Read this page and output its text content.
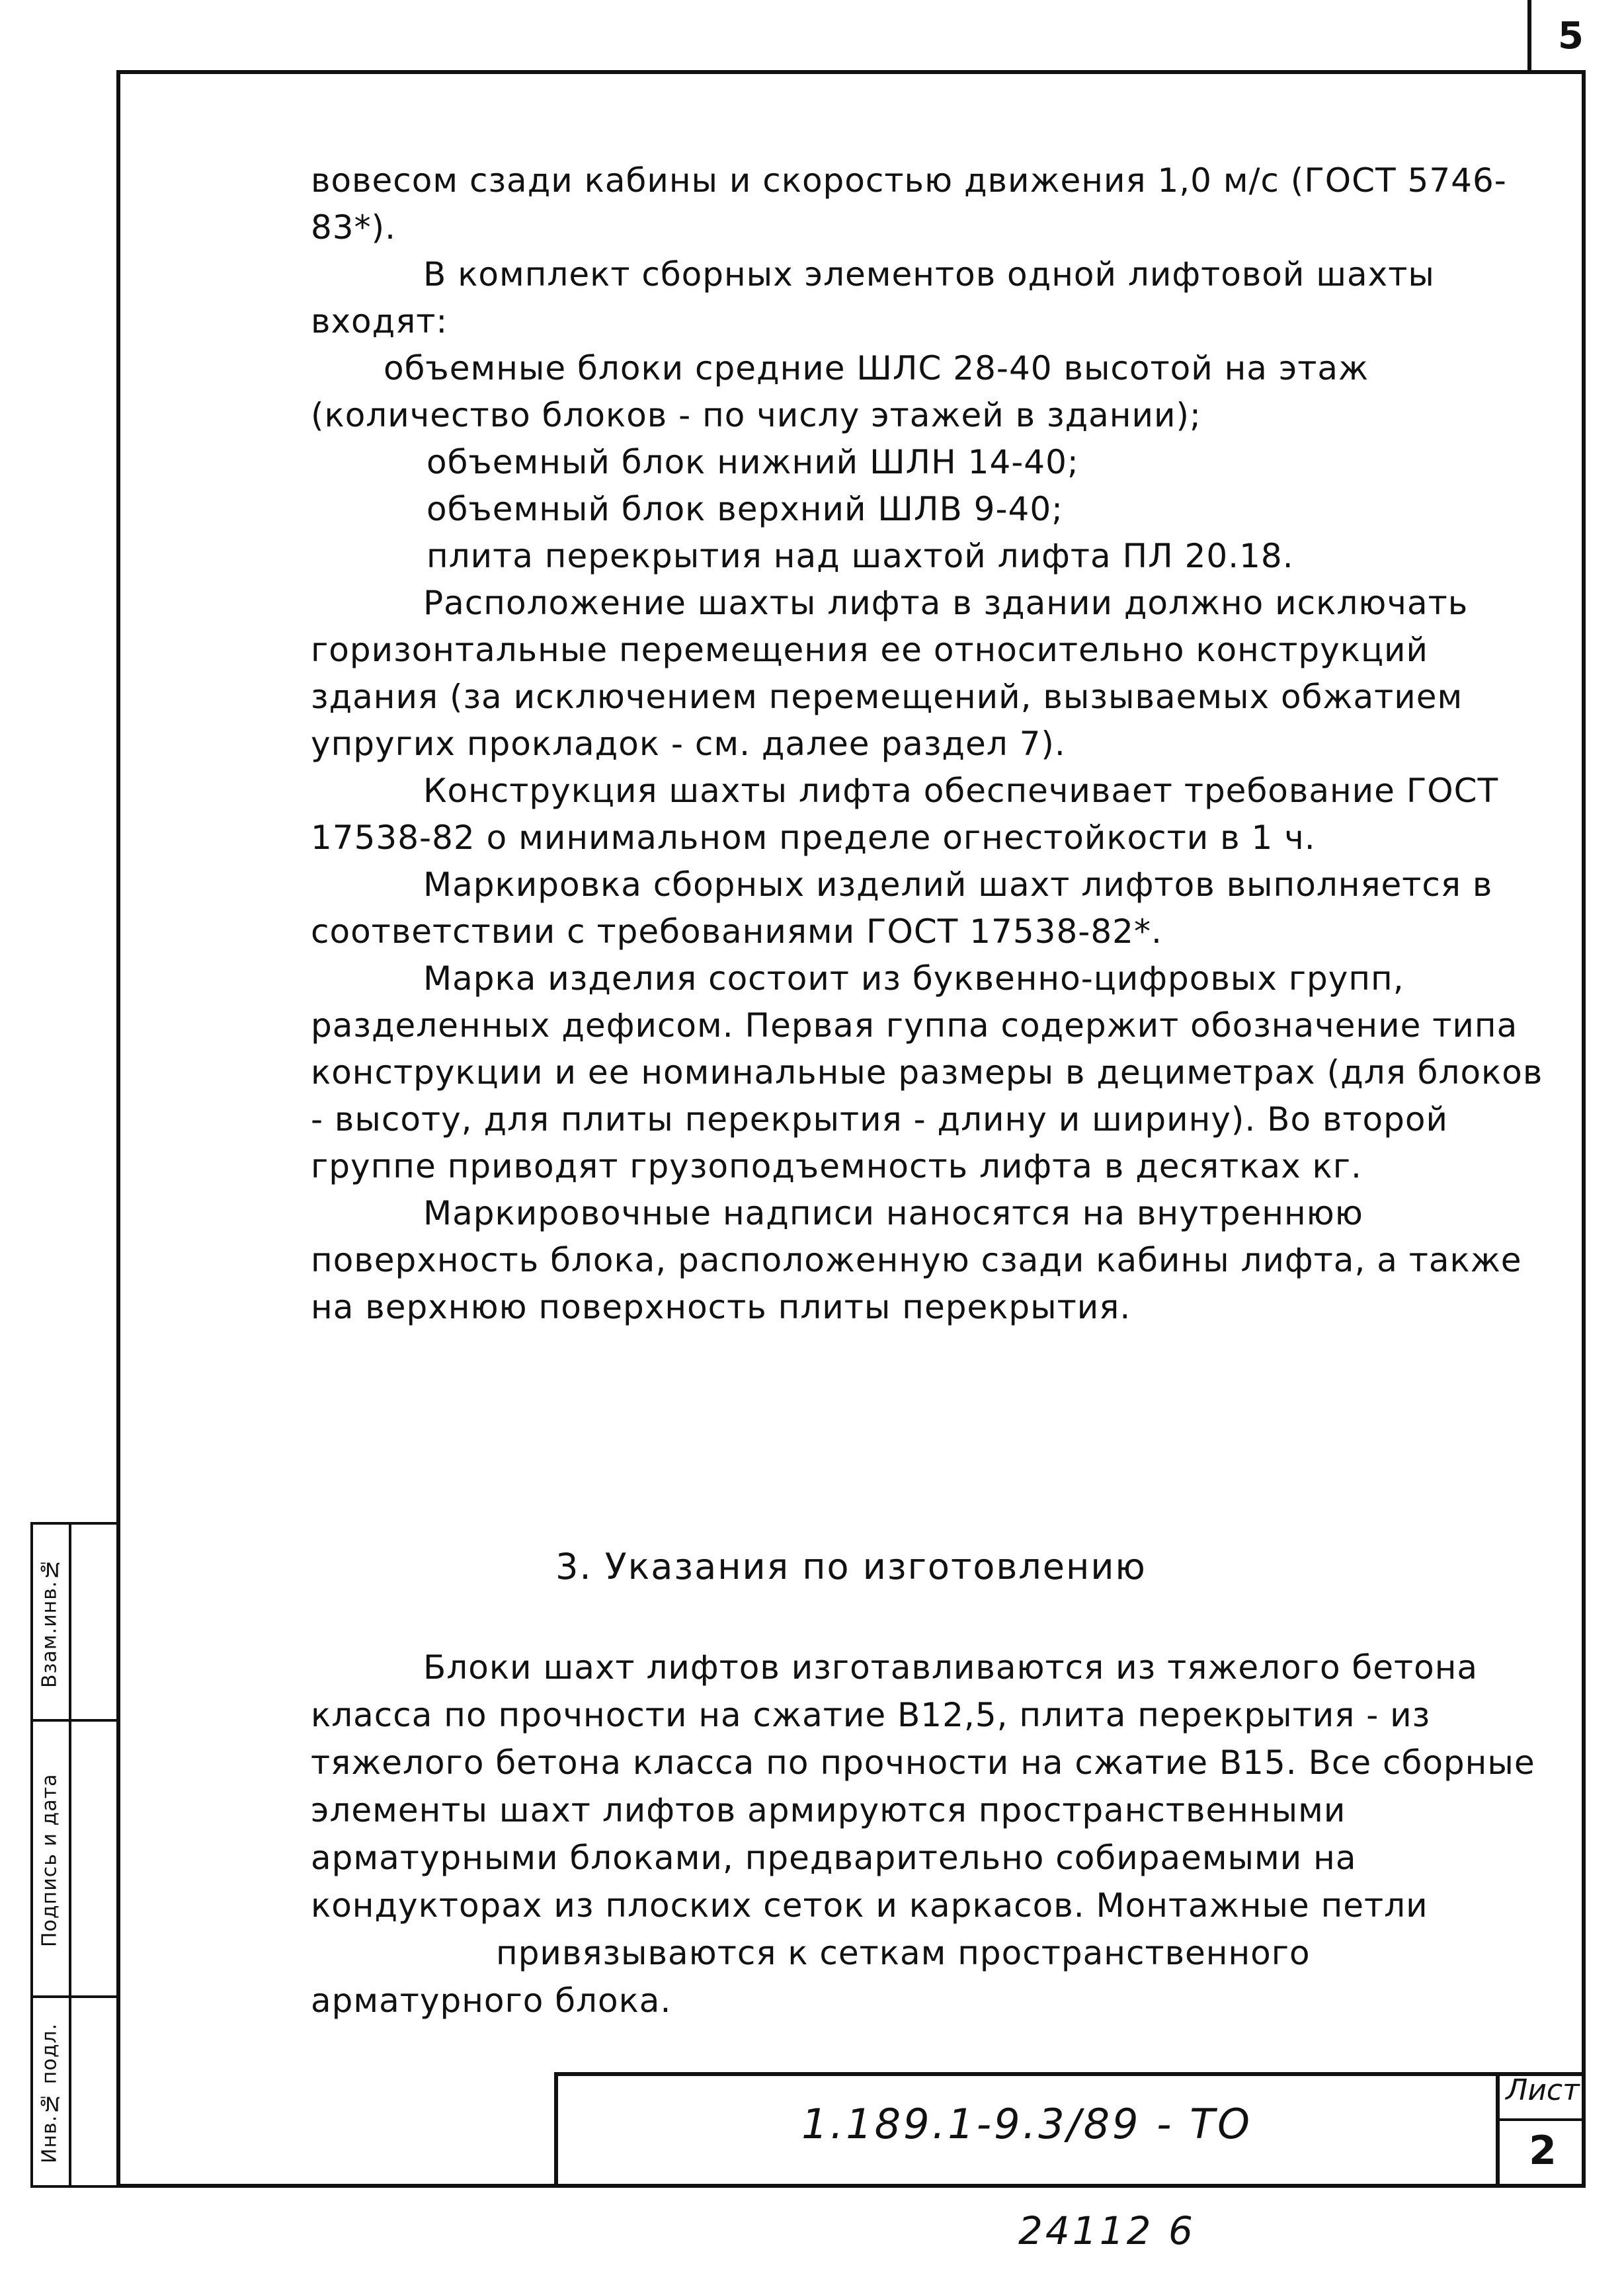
5

вовесом сзади кабины и скоростью движения 1,0 м/с (ГОСТ 5746-83*).

В комплект сборных элементов одной лифтовой шахты входят:

объемные блоки средние ШЛС 28-40 высотой на этаж (количество блоков - по числу этажей в здании);

объемный блок нижний ШЛН 14-40;

объемный блок верхний ШЛВ 9-40;

плита перекрытия над шахтой лифта ПЛ 20.18.

Расположение шахты лифта в здании должно исключать горизонтальные перемещения ее относительно конструкций здания (за исключением перемещений, вызываемых обжатием упругих прокладок - см. далее раздел 7).

Конструкция шахты лифта обеспечивает требование ГОСТ 17538-82 о минимальном пределе огнестойкости в 1 ч.

Маркировка сборных изделий шахт лифтов выполняется в соответствии с требованиями ГОСТ 17538-82*.

Марка изделия состоит из буквенно-цифровых групп, разделенных дефисом. Первая гуппа содержит обозначение типа конструкции и ее номинальные размеры в дециметрах (для блоков - высоту, для плиты перекрытия - длину и ширину). Во второй группе приводят грузоподъемность лифта в десятках кг.

Маркировочные надписи наносятся на внутреннюю поверхность блока, расположенную сзади кабины лифта, а также на верхнюю поверхность плиты перекрытия.

3. Указания по изготовлению

Блоки шахт лифтов изготавливаются из тяжелого бетона класса по прочности на сжатие В12,5, плита перекрытия - из тяжелого бетона класса по прочности на сжатие В15. Все сборные элементы шахт лифтов армируются пространственными арматурными блоками, предварительно собираемыми на кондукторах из плоских сеток и каркасов. Монтажные петли

привязываются к сеткам пространственного арматурного блока.

Взам.инв.№
Подпись и дата
Инв.№ подл.	1.189.1-9.3/89 - ТО
Лист
2
24112 6
